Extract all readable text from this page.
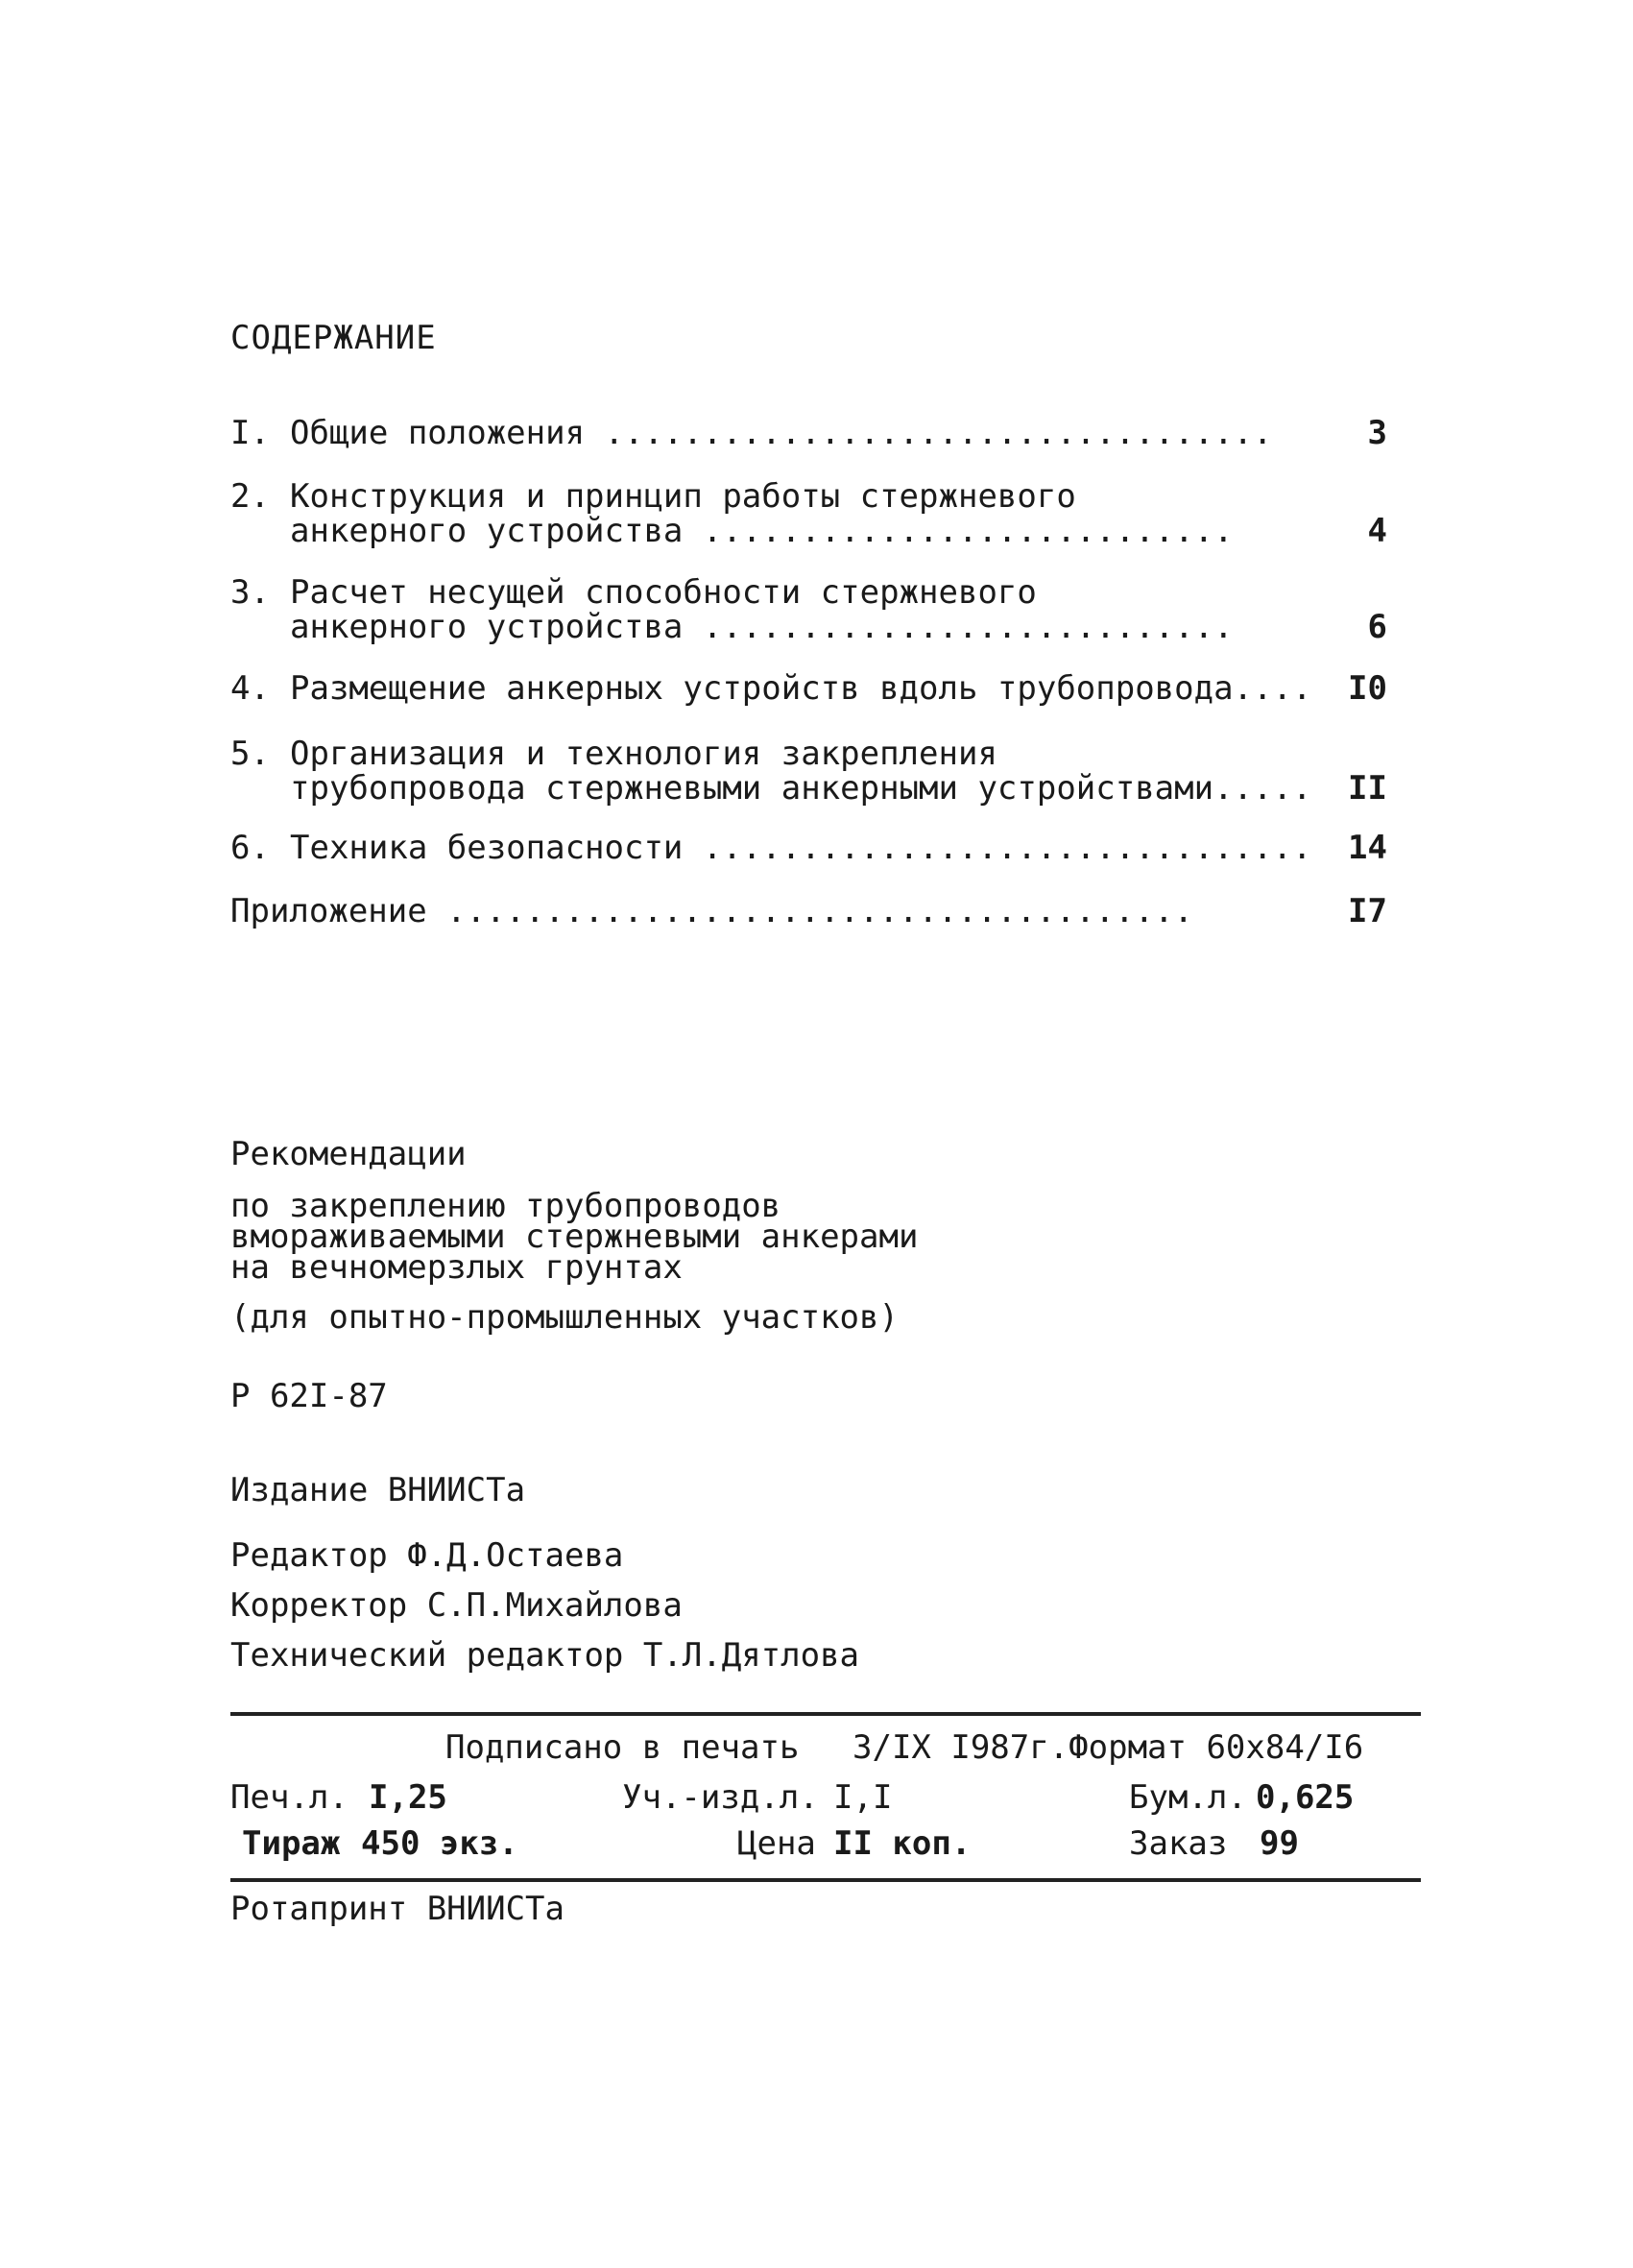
СОДЕРЖАНИЕ
I. Общие положения ..................................	3
2. Конструкция и принцип работы стержневого
анкерного устройства ...........................	4
3. Расчет несущей способности стержневого
анкерного устройства ...........................	6
4. Размещение анкерных устройств вдоль трубопровода....	I0
5. Организация и технология закрепления
трубопровода стержневыми анкерными устройствами.....	II
6. Техника безопасности ...............................	14
Приложение ......................................	I7
Рекомендации
по закреплению трубопроводов
вмораживаемыми стержневыми анкерами
на вечномерзлых грунтах
(для опытно-промышленных участков)
Р 62I-87
Издание ВНИИСТа
Редактор Ф.Д.Остаева
Корректор С.П.Михайлова
Технический редактор Т.Л.Дятлова
Подписано в печать 3/IX I987г.Формат 60x84/I6
Печ.л. I,25	Уч.-изд.л. I,I	Бум.л. 0,625
Тираж 450 экз.	Цена II коп.	Заказ 99
Ротапринт ВНИИСТа
